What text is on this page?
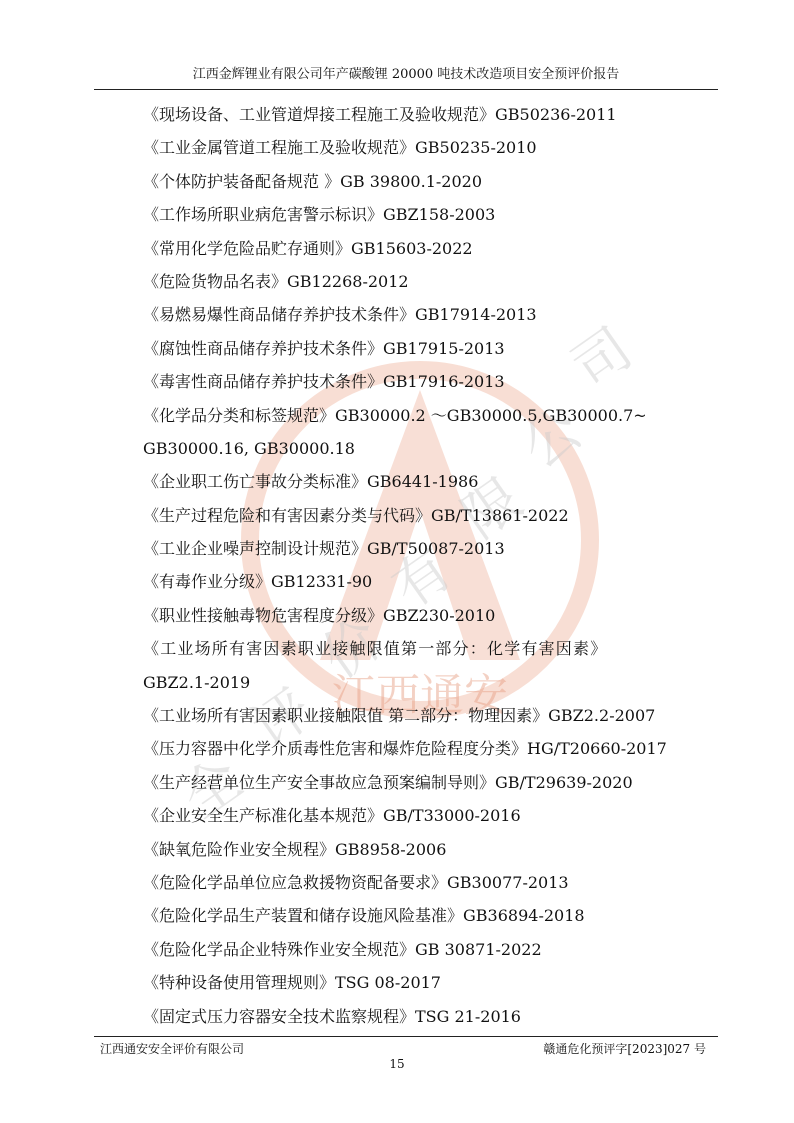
江西通安
司
公
限
有
价
评
全
江西金辉锂业有限公司年产碳酸锂 20000 吨技术改造项目安全预评价报告
《现场设备、工业管道焊接工程施工及验收规范》GB50236-2011
《工业金属管道工程施工及验收规范》GB50235-2010
《个体防护装备配备规范 》GB 39800.1-2020
《工作场所职业病危害警示标识》GBZ158-2003
《常用化学危险品贮存通则》GB15603-2022
《危险货物品名表》GB12268-2012
《易燃易爆性商品储存养护技术条件》GB17914-2013
《腐蚀性商品储存养护技术条件》GB17915-2013
《毒害性商品储存养护技术条件》GB17916-2013
《化学品分类和标签规范》GB30000.2 ～GB30000.5,GB30000.7~
GB30000.16, GB30000.18
《企业职工伤亡事故分类标准》GB6441-1986
《生产过程危险和有害因素分类与代码》GB/T13861-2022
《工业企业噪声控制设计规范》GB/T50087-2013
《有毒作业分级》GB12331-90
《职业性接触毒物危害程度分级》GBZ230-2010
《工业场所有害因素职业接触限值第一部分：化学有害因素》
GBZ2.1-2019
《工业场所有害因素职业接触限值 第二部分：物理因素》GBZ2.2-2007
《压力容器中化学介质毒性危害和爆炸危险程度分类》HG/T20660-2017
《生产经营单位生产安全事故应急预案编制导则》GB/T29639-2020
《企业安全生产标准化基本规范》GB/T33000-2016
《缺氧危险作业安全规程》GB8958-2006
《危险化学品单位应急救援物资配备要求》GB30077-2013
《危险化学品生产装置和储存设施风险基准》GB36894-2018
《危险化学品企业特殊作业安全规范》GB 30871-2022
《特种设备使用管理规则》TSG 08-2017
《固定式压力容器安全技术监察规程》TSG 21-2016
江西通安安全评价有限公司	赣通危化预评字[2023]027 号
15
